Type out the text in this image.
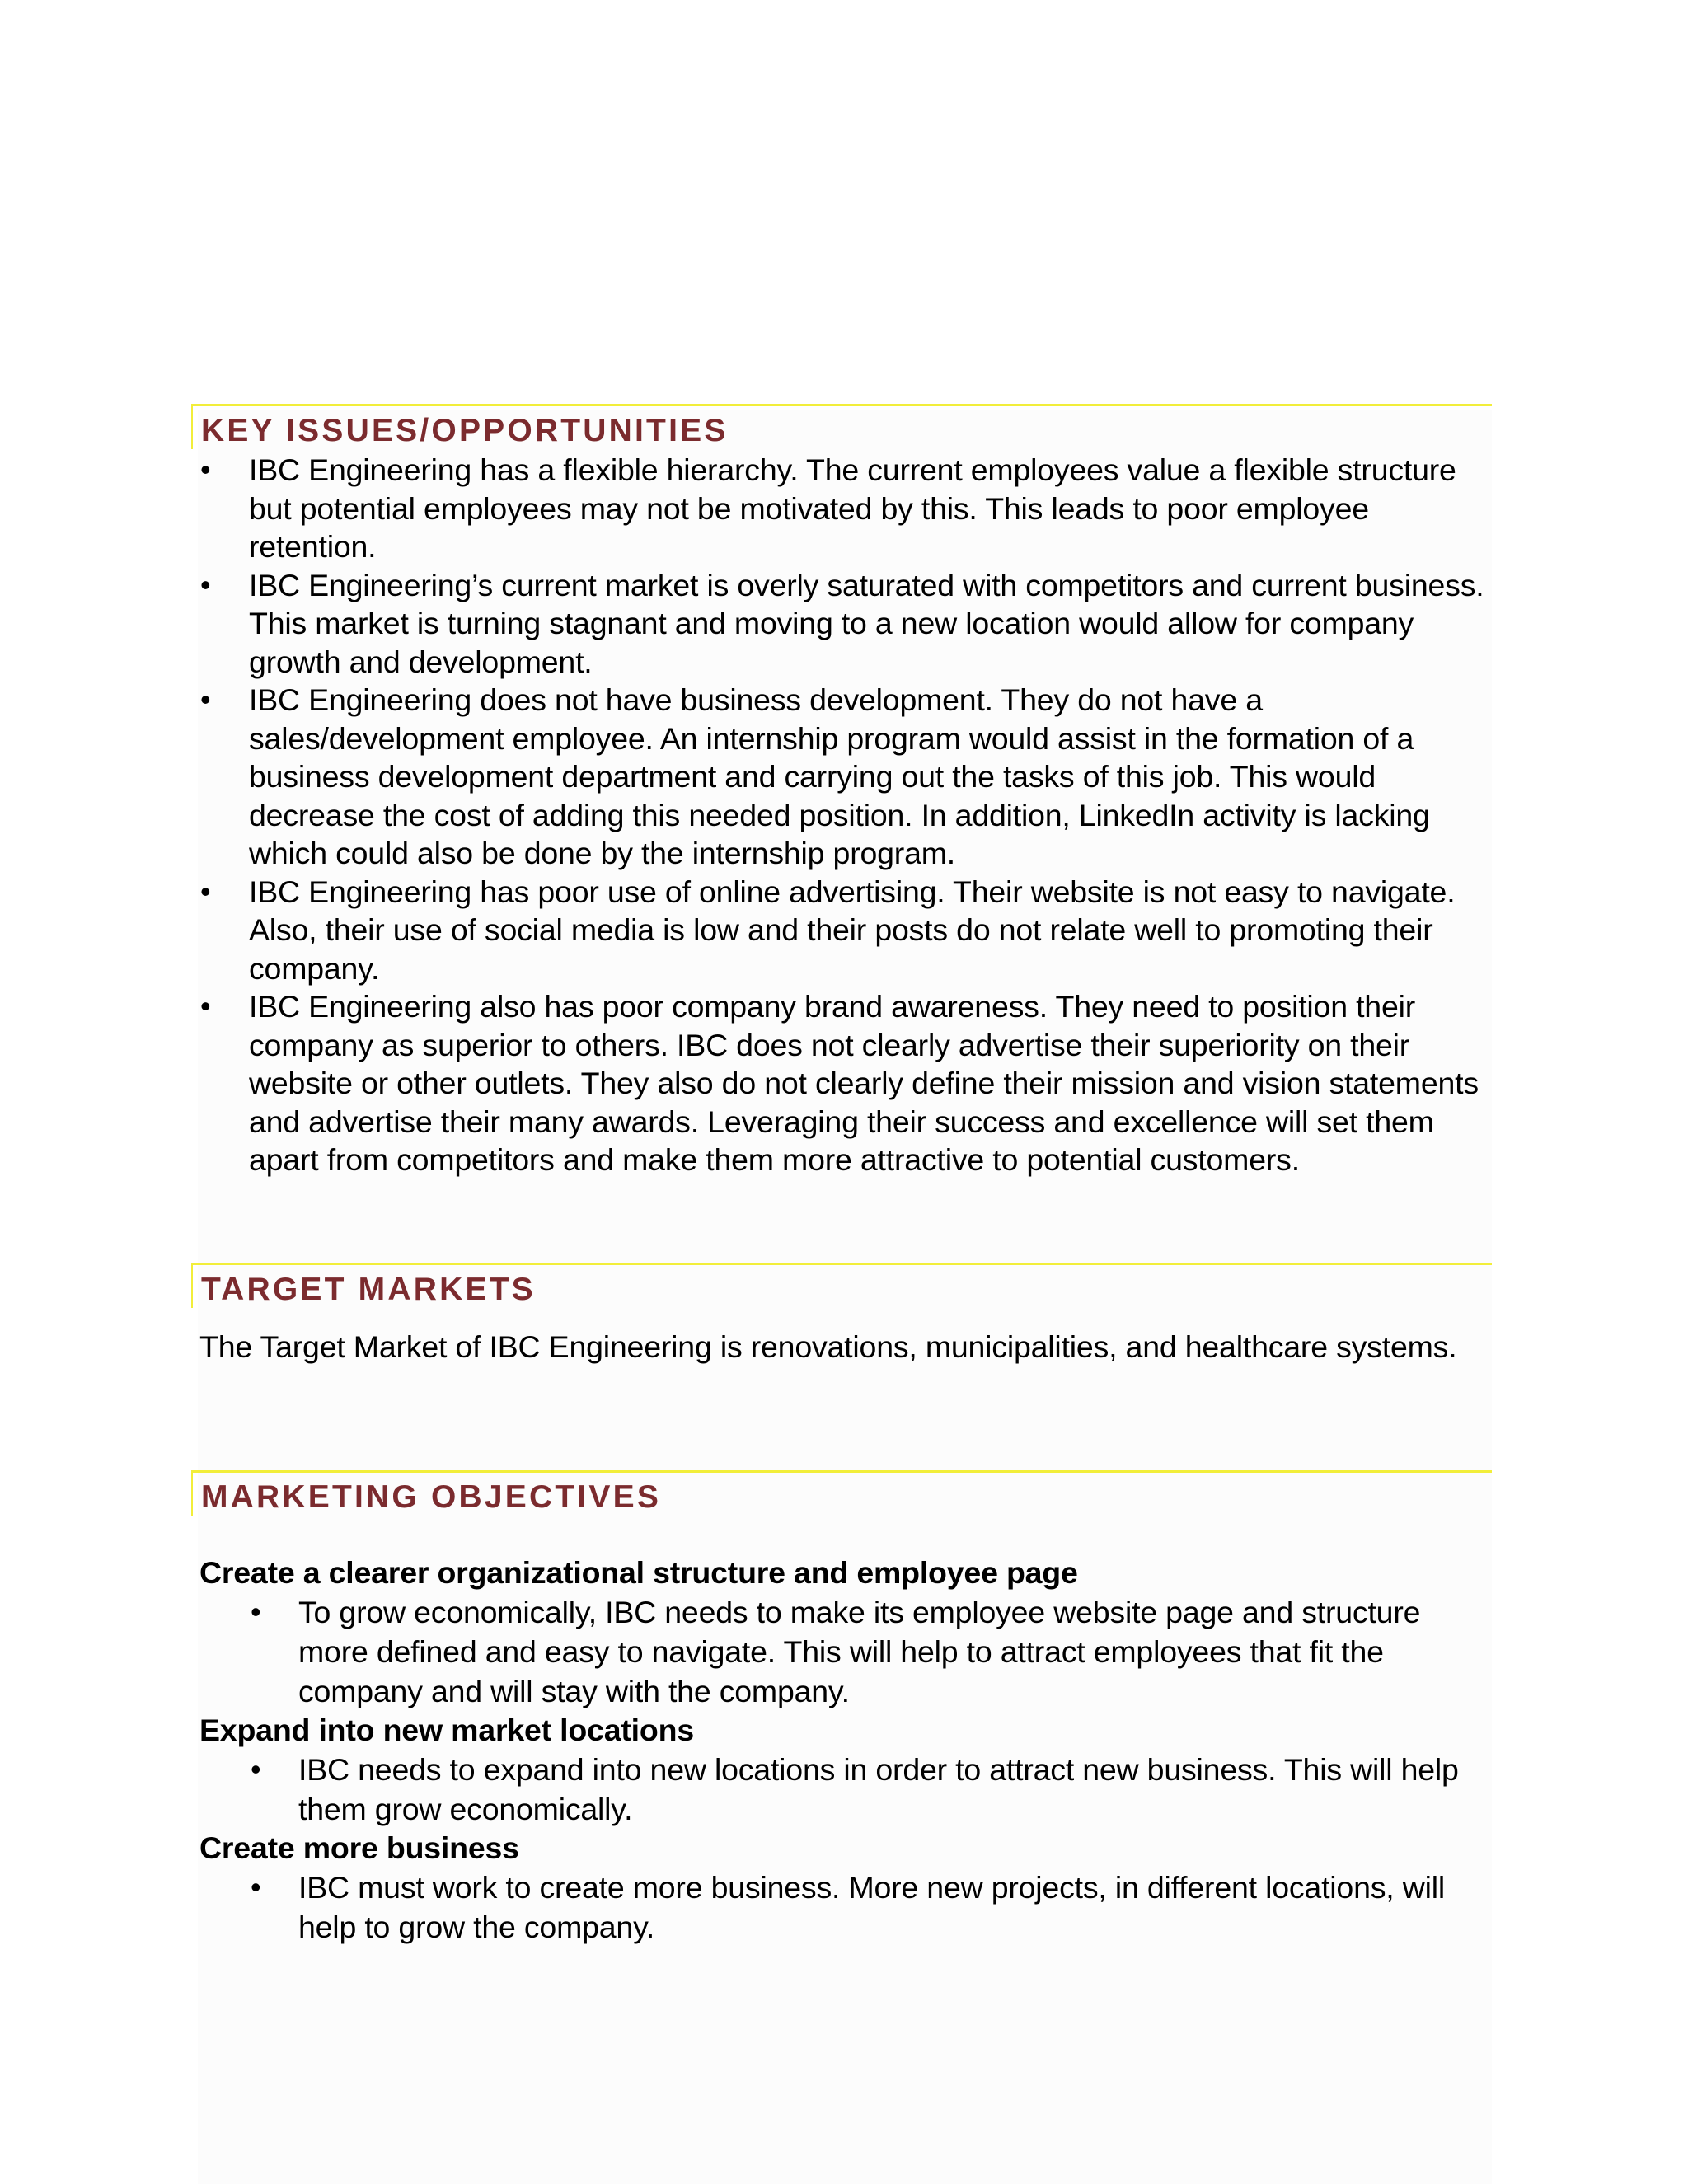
KEY ISSUES/OPPORTUNITIES
• IBC Engineering has a flexible hierarchy. The current employees value a flexible structure but potential employees may not be motivated by this. This leads to poor employee retention.
• IBC Engineering’s current market is overly saturated with competitors and current business. This market is turning stagnant and moving to a new location would allow for company growth and development.
• IBC Engineering does not have business development. They do not have a sales/development employee. An internship program would assist in the formation of a business development department and carrying out the tasks of this job. This would decrease the cost of adding this needed position. In addition, LinkedIn activity is lacking which could also be done by the internship program.
• IBC Engineering has poor use of online advertising. Their website is not easy to navigate. Also, their use of social media is low and their posts do not relate well to promoting their company.
• IBC Engineering also has poor company brand awareness. They need to position their company as superior to others. IBC does not clearly advertise their superiority on their website or other outlets. They also do not clearly define their mission and vision statements and advertise their many awards. Leveraging their success and excellence will set them apart from competitors and make them more attractive to potential customers.
TARGET MARKETS
The Target Market of IBC Engineering is renovations, municipalities, and healthcare systems.
MARKETING OBJECTIVES
Create a clearer organizational structure and employee page
• To grow economically, IBC needs to make its employee website page and structure more defined and easy to navigate. This will help to attract employees that fit the company and will stay with the company.
Expand into new market locations
• IBC needs to expand into new locations in order to attract new business. This will help them grow economically.
Create more business
• IBC must work to create more business. More new projects, in different locations, will help to grow the company.
